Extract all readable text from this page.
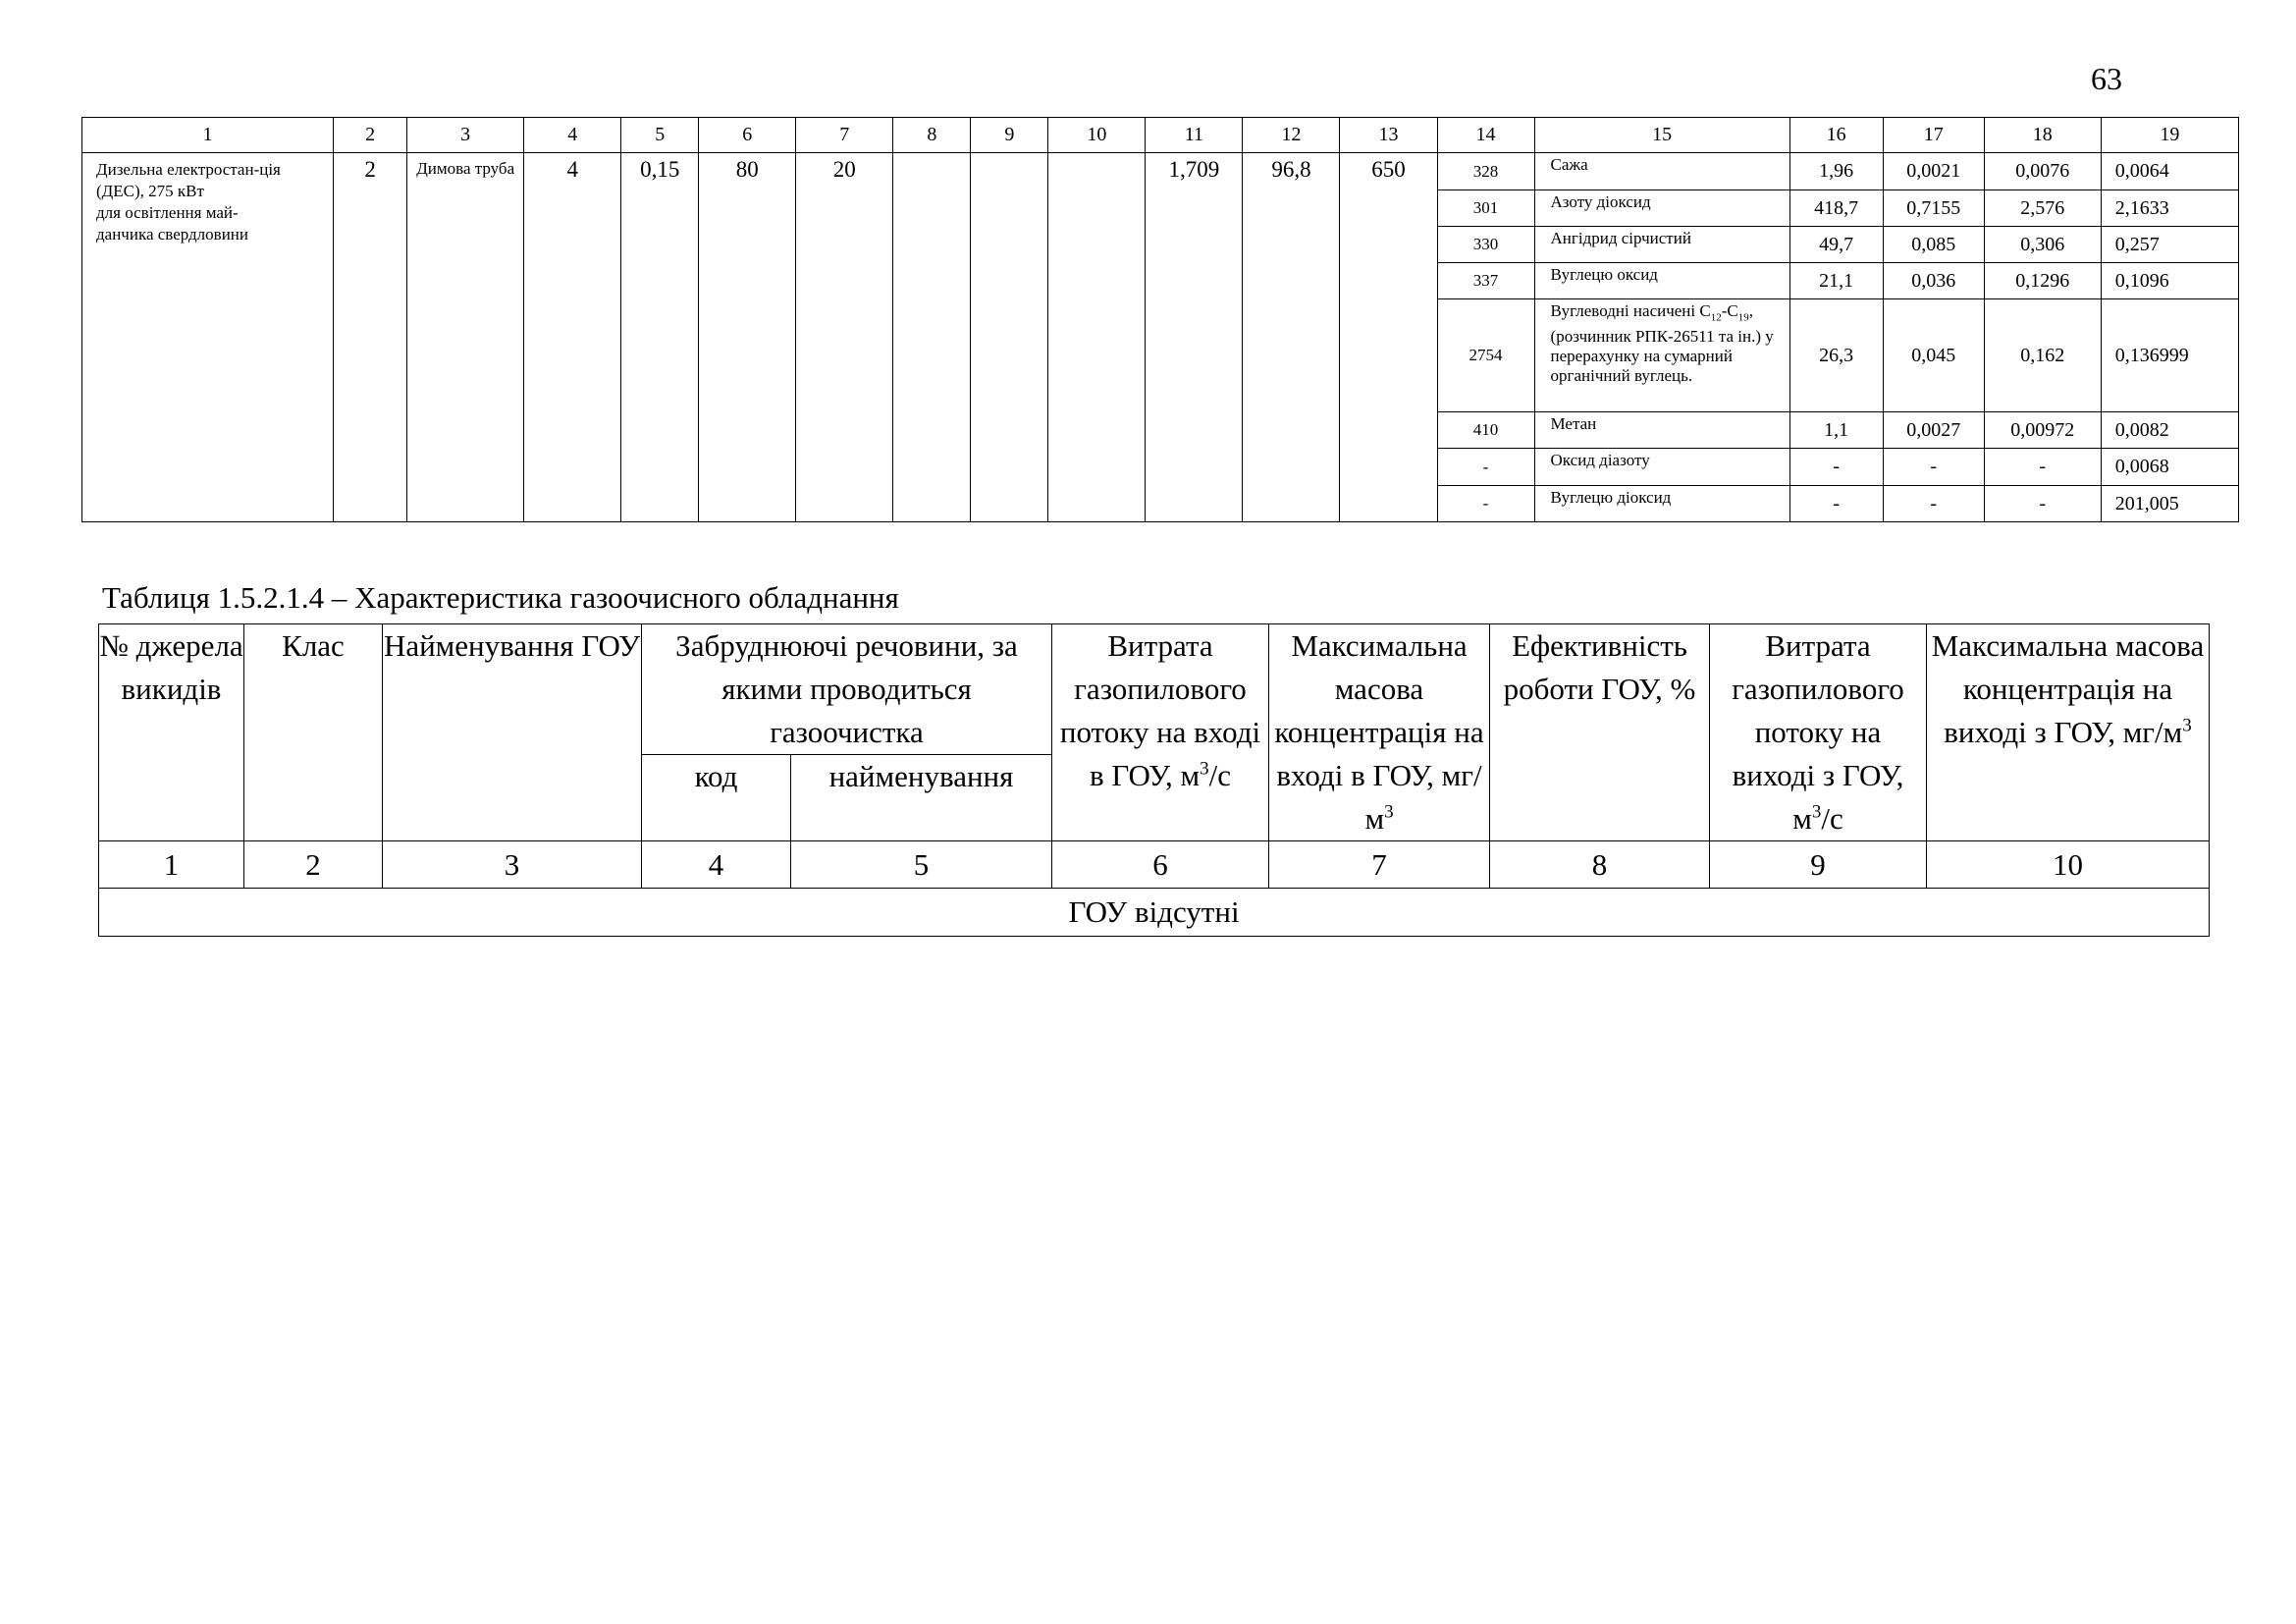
63
1	2	3	4	5	6	7	8	9	10	11	12	13	14	15	16	17	18	19

Дизельна електростан-ція
(ДЕС), 275 кВт
для освітлення май-
данчика свердловини	2	Димова труба	4	0,15	80	20				1,709	96,8	650	328	Сажа	1,96	0,0021	0,0076	0,0064
													301	Азоту діоксид	418,7	0,7155	2,576	2,1633
													330	Ангідрид сірчистий	49,7	0,085	0,306	0,257
													337	Вуглецю оксид	21,1	0,036	0,1296	0,1096
													2754	Вуглеводні насичені $С_{12}-С_{19}$, (розчинник РПК-26511 та ін.) у перерахунку на сумарний органічний вуглець.	26,3	0,045	0,162	0,136999
													410	Метан	1,1	0,0027	0,00972	0,0082
													-	Оксид діазоту	-	-	-	0,0068
													-	Вуглецю діоксид	-	-	-	201,005
Таблиця 1.5.2.1.4 – Характеристика газоочисного обладнання
№ джерела викидів	Клас	Найменування ГОУ	Забруднюючі речовини, за якими проводиться газоочистка		Витрата газопилового потоку на вході в ГОУ, $м^3/с$	Максимальна масова концентрація на вході в ГОУ, $мг/м^3$	Ефективність роботи ГОУ, %	Витрата газопилового потоку на виході з ГОУ, $м^3/с$	Максимальна масова концентрація на виході з ГОУ, $мг/м^3$
			код	найменування					
1	2	3	4	5	6	7	8	9	10
ГОУ відсутні									
